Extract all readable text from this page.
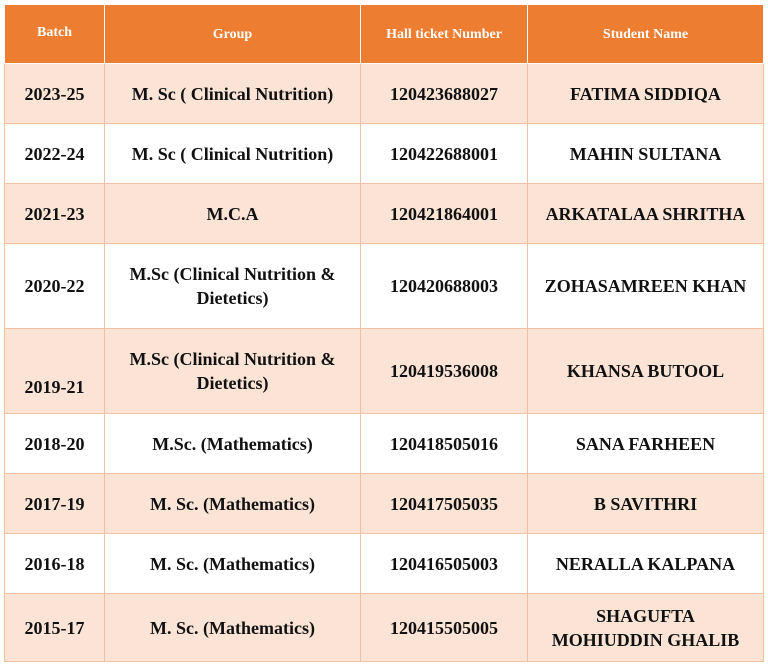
Batch	Group	Hall ticket Number	Student Name
2023-25	M. Sc ( Clinical Nutrition)	120423688027	FATIMA SIDDIQA
2022-24	M. Sc ( Clinical Nutrition)	120422688001	MAHIN SULTANA
2021-23	M.C.A	120421864001	ARKATALAA SHRITHA
2020-22	M.Sc (Clinical Nutrition &
Dietetics)	120420688003	ZOHASAMREEN KHAN
2019-21	M.Sc (Clinical Nutrition &
Dietetics)	120419536008	KHANSA BUTOOL
2018-20	M.Sc. (Mathematics)	120418505016	SANA FARHEEN
2017-19	M. Sc. (Mathematics)	120417505035	B SAVITHRI
2016-18	M. Sc. (Mathematics)	120416505003	NERALLA KALPANA
2015-17	M. Sc. (Mathematics)	120415505005	SHAGUFTA
MOHIUDDIN GHALIB
